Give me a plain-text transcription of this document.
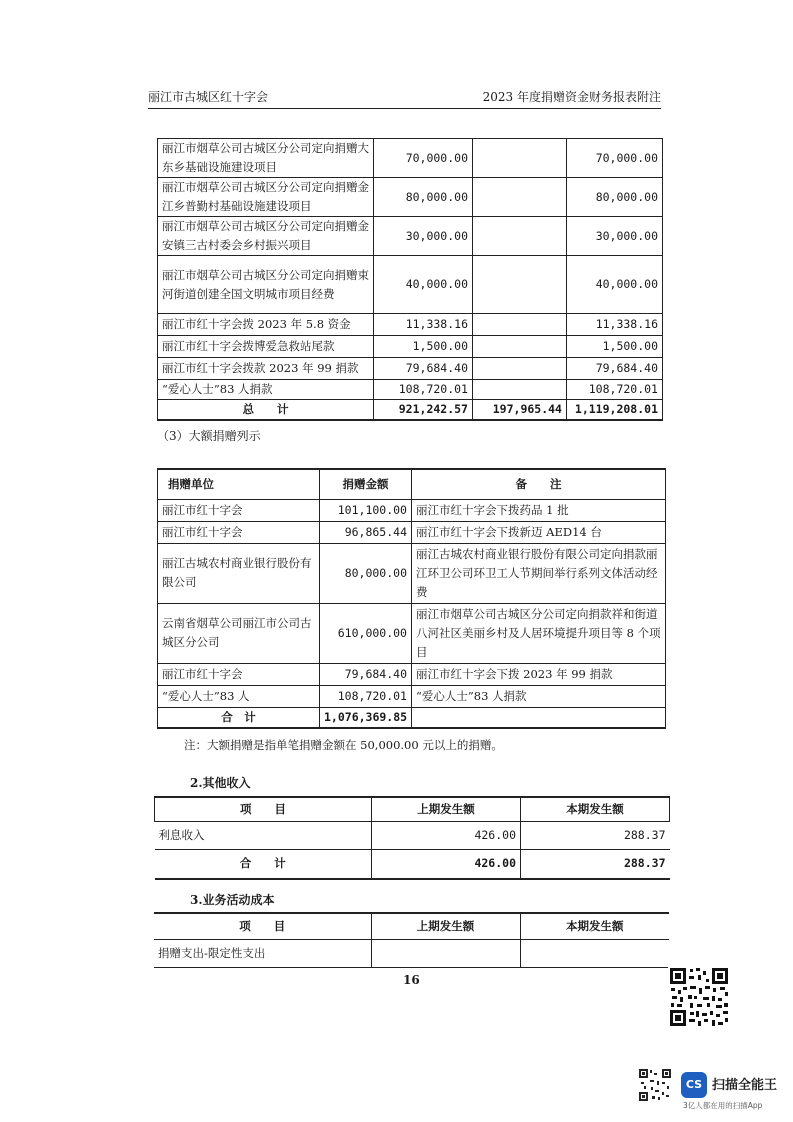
丽江市古城区红十字会	2023 年度捐赠资金财务报表附注
丽江市烟草公司古城区分公司定向捐赠大东乡基础设施建设项目	70,000.00		70,000.00
丽江市烟草公司古城区分公司定向捐赠金江乡普勤村基础设施建设项目	80,000.00		80,000.00
丽江市烟草公司古城区分公司定向捐赠金安镇三古村委会乡村振兴项目	30,000.00		30,000.00
丽江市烟草公司古城区分公司定向捐赠束河街道创建全国文明城市项目经费	40,000.00		40,000.00
丽江市红十字会拨 2023 年 5.8 资金	11,338.16		11,338.16
丽江市红十字会拨博爱急救站尾款	1,500.00		1,500.00
丽江市红十字会拨款 2023 年 99 捐款	79,684.40		79,684.40
“爱心人士”83 人捐款	108,720.01		108,720.01
总　　计	921,242.57	197,965.44	1,119,208.01
（3）大额捐赠列示
捐赠单位	捐赠金额	备　　注
丽江市红十字会	101,100.00	丽江市红十字会下拨药品 1 批
丽江市红十字会	96,865.44	丽江市红十字会下拨新迈 AED14 台
丽江古城农村商业银行股份有限公司	80,000.00	丽江古城农村商业银行股份有限公司定向捐款丽江环卫公司环卫工人节期间举行系列文体活动经费
云南省烟草公司丽江市公司古城区分公司	610,000.00	丽江市烟草公司古城区分公司定向捐款祥和街道八河社区美丽乡村及人居环境提升项目等 8 个项目
丽江市红十字会	79,684.40	丽江市红十字会下拨 2023 年 99 捐款
“爱心人士”83 人	108,720.01	“爱心人士”83 人捐款
合　计	1,076,369.85	
注：大额捐赠是指单笔捐赠金额在 50,000.00 元以上的捐赠。
2.其他收入
项　　目	上期发生额	本期发生额
利息收入	426.00	288.37
合　　计	426.00	288.37
3.业务活动成本
项　　目	上期发生额	本期发生额
捐赠支出-限定性支出		
16
CS 扫描全能王
3亿人都在用的扫描App
